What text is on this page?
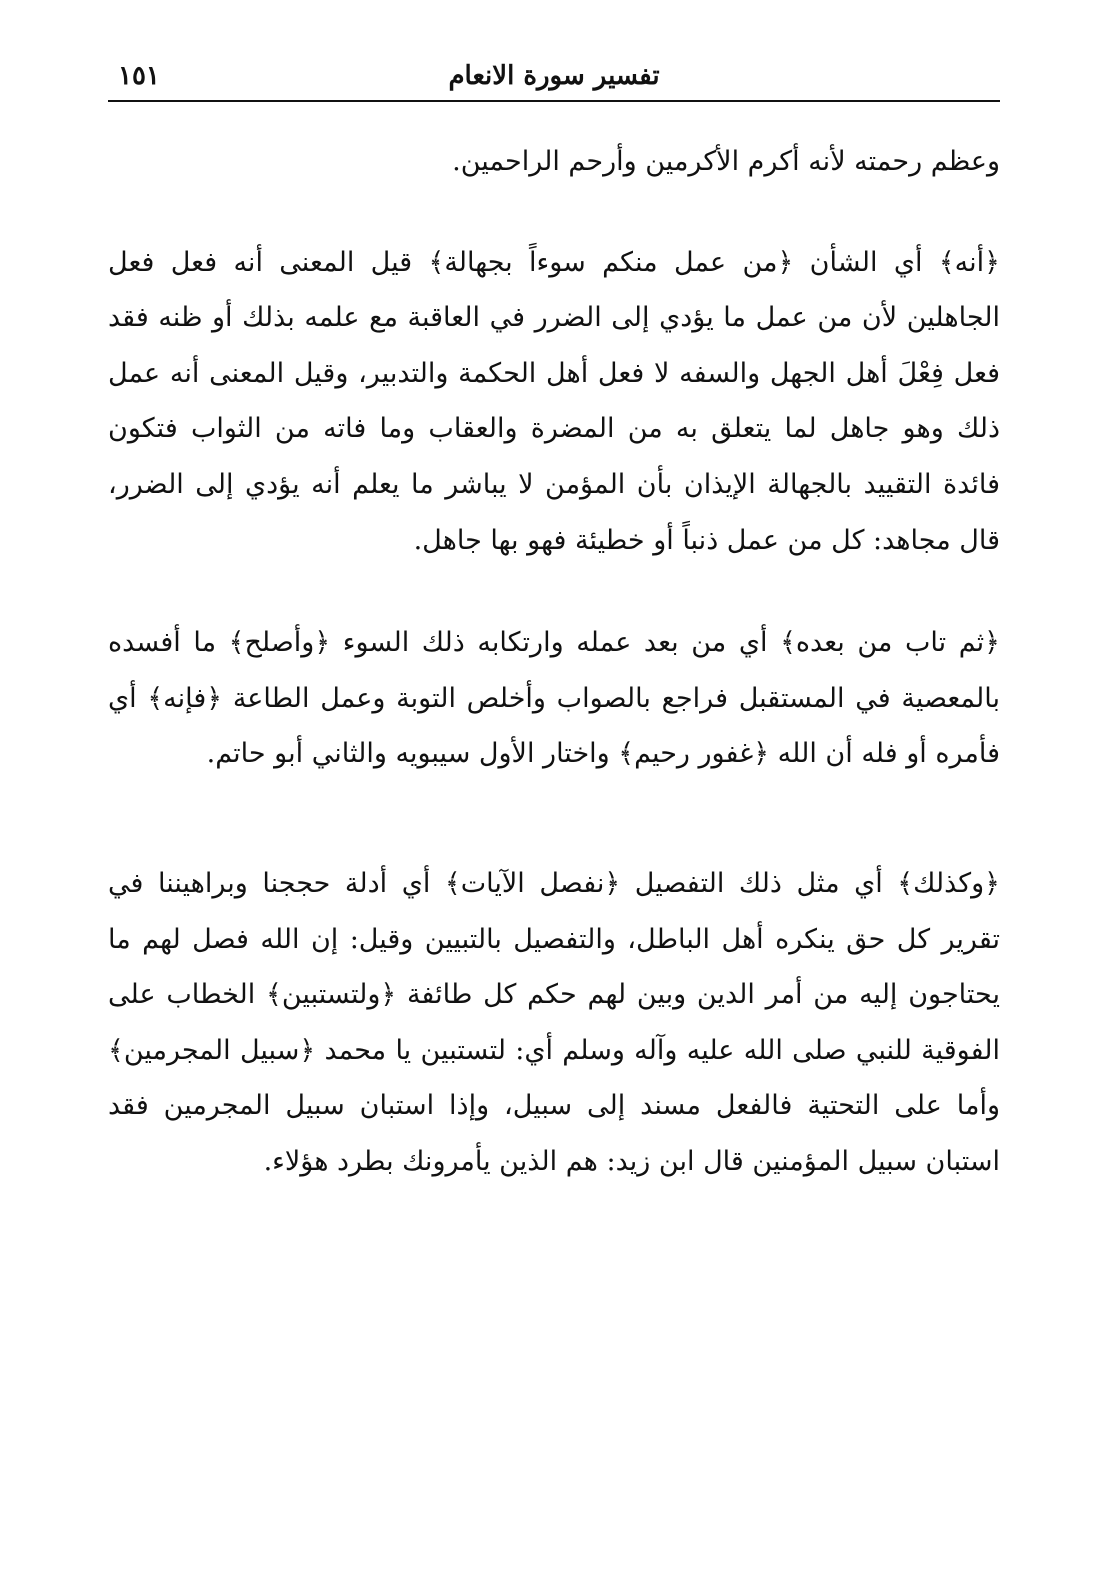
١٥١	تفسير سورة الانعام

وعظم رحمته لأنه أكرم الأكرمين وأرحم الراحمين.

﴿أنه﴾ أي الشأن ﴿من عمل منكم سوءاً بجهالة﴾ قيل المعنى أنه فعل فعل الجاهلين لأن من عمل ما يؤدي إلى الضرر في العاقبة مع علمه بذلك أو ظنه فقد فعل فِعْلَ أهل الجهل والسفه لا فعل أهل الحكمة والتدبير، وقيل المعنى أنه عمل ذلك وهو جاهل لما يتعلق به من المضرة والعقاب وما فاته من الثواب فتكون فائدة التقييد بالجهالة الإيذان بأن المؤمن لا يباشر ما يعلم أنه يؤدي إلى الضرر، قال مجاهد: كل من عمل ذنباً أو خطيئة فهو بها جاهل.

﴿ثم تاب من بعده﴾ أي من بعد عمله وارتكابه ذلك السوء ﴿وأصلح﴾ ما أفسده بالمعصية في المستقبل فراجع بالصواب وأخلص التوبة وعمل الطاعة ﴿فإنه﴾ أي فأمره أو فله أن الله ﴿غفور رحيم﴾ واختار الأول سيبويه والثاني أبو حاتم.

﴿وكذلك﴾ أي مثل ذلك التفصيل ﴿نفصل الآيات﴾ أي أدلة حججنا وبراهيننا في تقرير كل حق ينكره أهل الباطل، والتفصيل بالتبيين وقيل: إن الله فصل لهم ما يحتاجون إليه من أمر الدين وبين لهم حكم كل طائفة ﴿ولتستبين﴾ الخطاب على الفوقية للنبي صلى الله عليه وآله وسلم أي: لتستبين يا محمد ﴿سبيل المجرمين﴾ وأما على التحتية فالفعل مسند إلى سبيل، وإذا استبان سبيل المجرمين فقد استبان سبيل المؤمنين قال ابن زيد: هم الذين يأمرونك بطرد هؤلاء.
